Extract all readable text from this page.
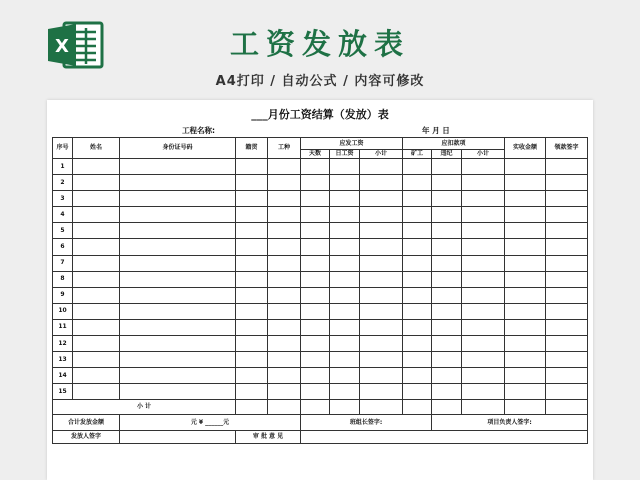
X	工资发放表
A4打印 / 自动公式 / 内容可修改
___月份工资结算（发放）表
工程名称:	年 月 日
序号	姓名	身份证号码	籍贯	工种	应发工资			应扣款项			实收金额	领款签字
					天数	日工资	小计	矿工	违纪	小计		
1												
2												
3												
4												
5												
6												
7												
8												
9												
10												
11												
12												
13												
14												
15												
小 计												
合计发放金额		元 ¥ ______元			班组长签字:				项目负责人签字:			
发放人签字			审 批 意 见									
